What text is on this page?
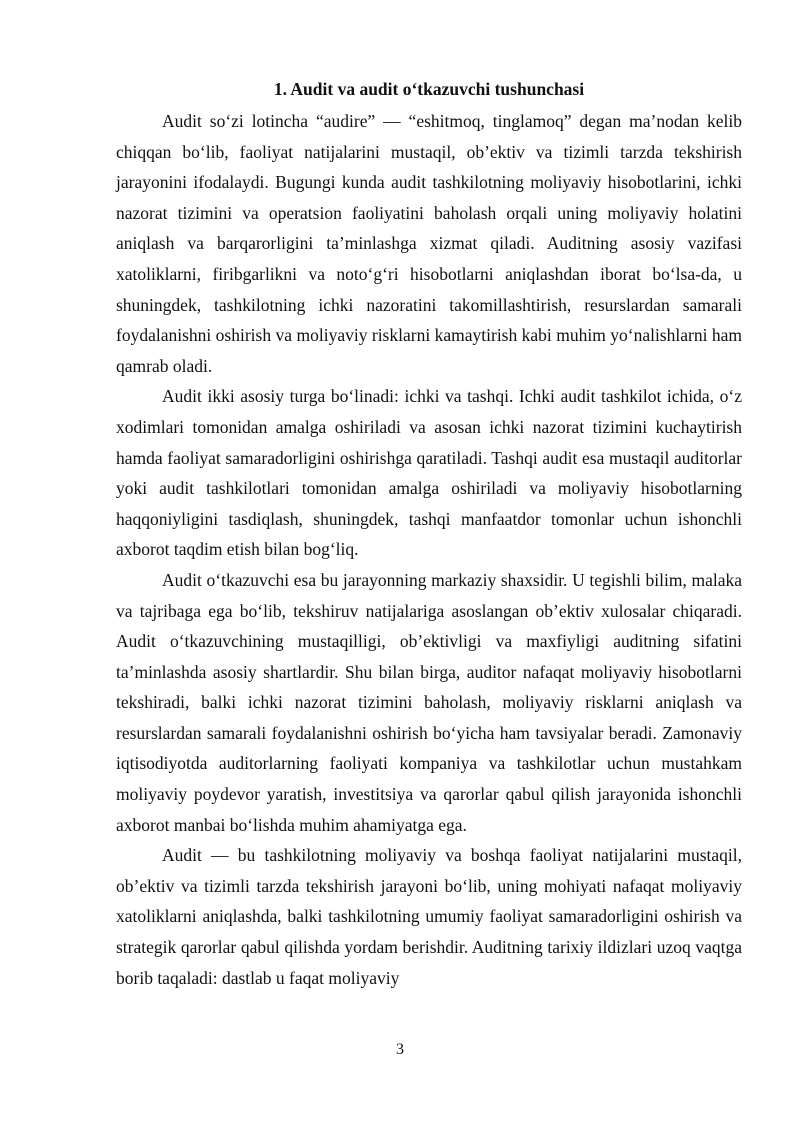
1. Audit va audit o‘tkazuvchi tushunchasi

Audit so‘zi lotincha “audire” — “eshitmoq, tinglamoq” degan ma’nodan kelib chiqqan bo‘lib, faoliyat natijalarini mustaqil, ob’ektiv va tizimli tarzda tekshirish jarayonini ifodalaydi. Bugungi kunda audit tashkilotning moliyaviy hisobotlarini, ichki nazorat tizimini va operatsion faoliyatini baholash orqali uning moliyaviy holatini aniqlash va barqarorligini ta’minlashga xizmat qiladi. Auditning asosiy vazifasi xatoliklarni, firibgarlikni va noto‘g‘ri hisobotlarni aniqlashdan iborat bo‘lsa-da, u shuningdek, tashkilotning ichki nazoratini takomillashtirish, resurslardan samarali foydalanishni oshirish va moliyaviy risklarni kamaytirish kabi muhim yo‘nalishlarni ham qamrab oladi.

Audit ikki asosiy turga bo‘linadi: ichki va tashqi. Ichki audit tashkilot ichida, o‘z xodimlari tomonidan amalga oshiriladi va asosan ichki nazorat tizimini kuchaytirish hamda faoliyat samaradorligini oshirishga qaratiladi. Tashqi audit esa mustaqil auditorlar yoki audit tashkilotlari tomonidan amalga oshiriladi va moliyaviy hisobotlarning haqqoniyligini tasdiqlash, shuningdek, tashqi manfaatdor tomonlar uchun ishonchli axborot taqdim etish bilan bog‘liq.

Audit o‘tkazuvchi esa bu jarayonning markaziy shaxsidir. U tegishli bilim, malaka va tajribaga ega bo‘lib, tekshiruv natijalariga asoslangan ob’ektiv xulosalar chiqaradi. Audit o‘tkazuvchining mustaqilligi, ob’ektivligi va maxfiyligi auditning sifatini ta’minlashda asosiy shartlardir. Shu bilan birga, auditor nafaqat moliyaviy hisobotlarni tekshiradi, balki ichki nazorat tizimini baholash, moliyaviy risklarni aniqlash va resurslardan samarali foydalanishni oshirish bo‘yicha ham tavsiyalar beradi. Zamonaviy iqtisodiyotda auditorlarning faoliyati kompaniya va tashkilotlar uchun mustahkam moliyaviy poydevor yaratish, investitsiya va qarorlar qabul qilish jarayonida ishonchli axborot manbai bo‘lishda muhim ahamiyatga ega.

Audit — bu tashkilotning moliyaviy va boshqa faoliyat natijalarini mustaqil, ob’ektiv va tizimli tarzda tekshirish jarayoni bo‘lib, uning mohiyati nafaqat moliyaviy xatoliklarni aniqlashda, balki tashkilotning umumiy faoliyat samaradorligini oshirish va strategik qarorlar qabul qilishda yordam berishdir. Auditning tarixiy ildizlari uzoq vaqtga borib taqaladi: dastlab u faqat moliyaviy

3
